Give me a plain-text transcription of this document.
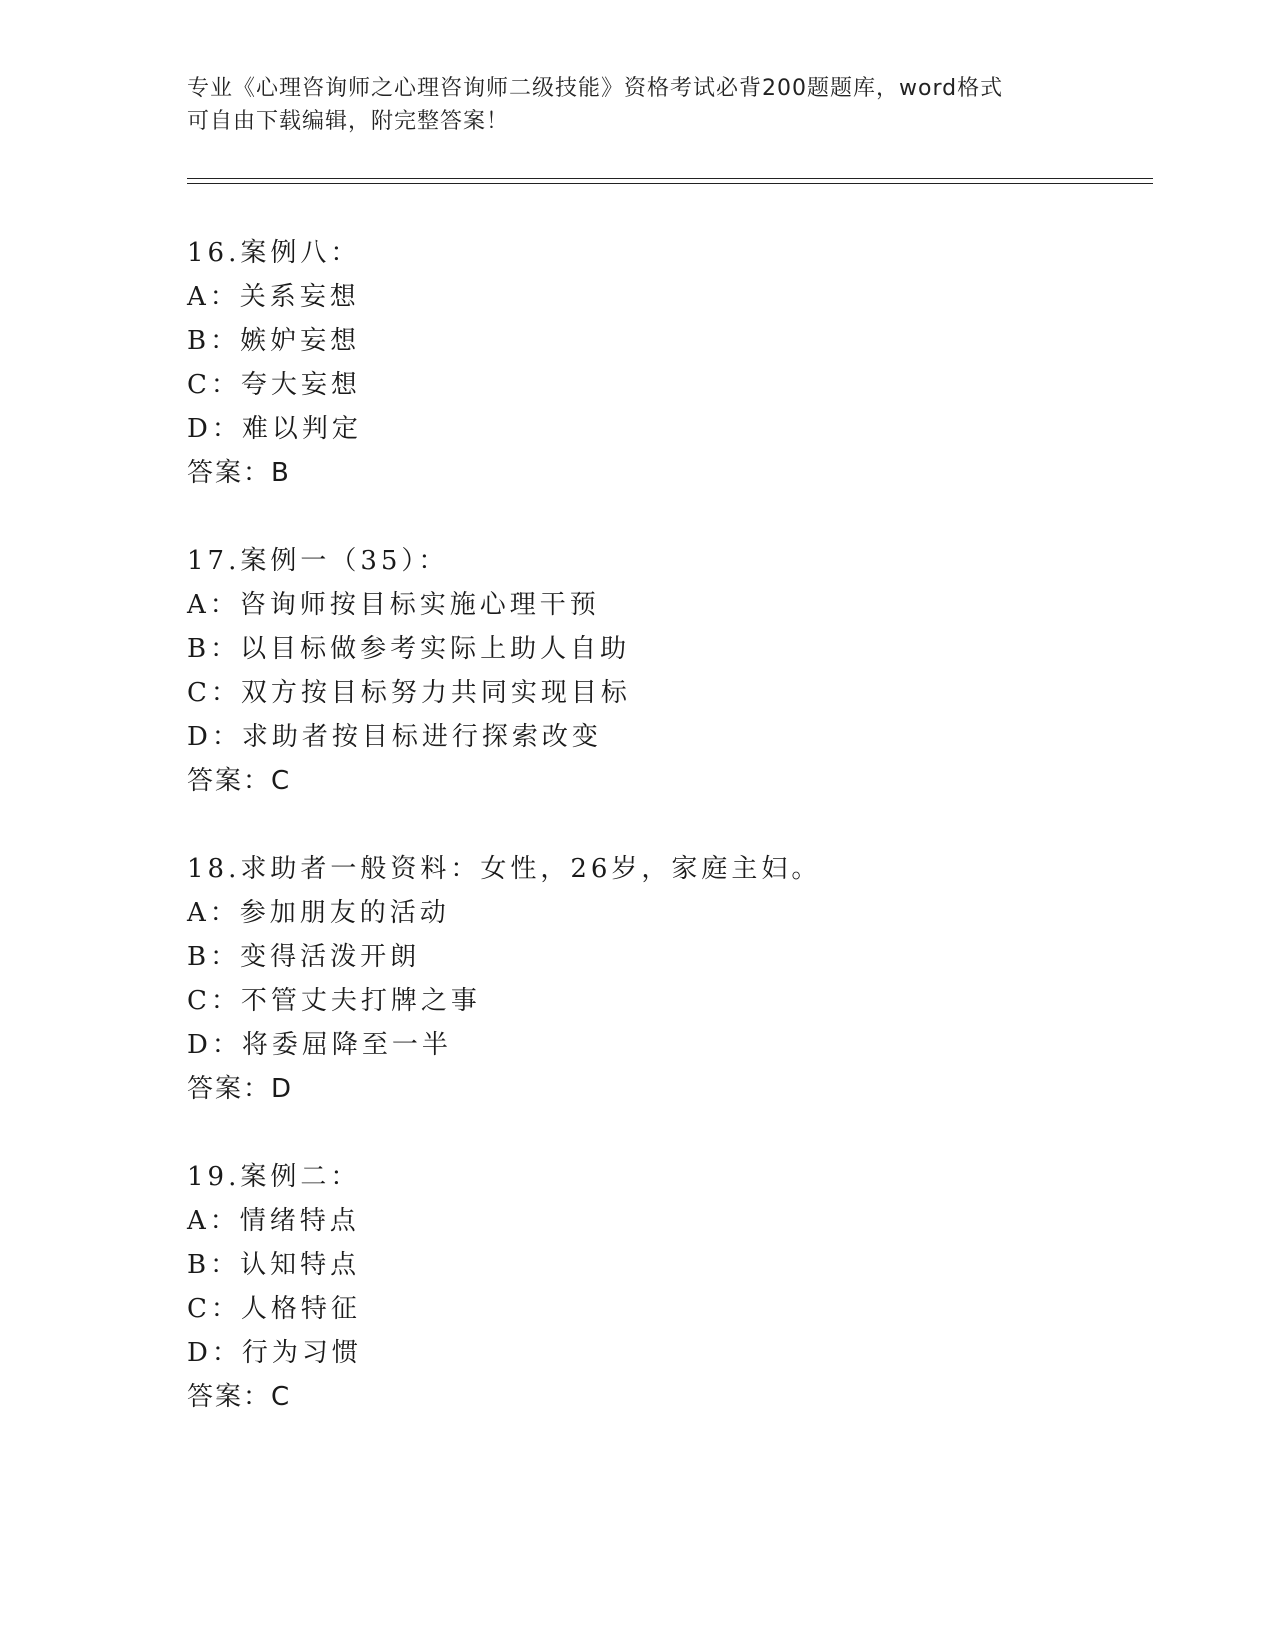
专业《心理咨询师之心理咨询师二级技能》资格考试必背200题题库，word格式
可自由下载编辑，附完整答案！
16.案例八：
A：关系妄想
B：嫉妒妄想
C：夸大妄想
D：难以判定
答案：B
17.案例一（35）：
A：咨询师按目标实施心理干预
B：以目标做参考实际上助人自助
C：双方按目标努力共同实现目标
D：求助者按目标进行探索改变
答案：C
18.求助者一般资料：女性，26岁，家庭主妇。
A：参加朋友的活动
B：变得活泼开朗
C：不管丈夫打牌之事
D：将委屈降至一半
答案：D
19.案例二：
A：情绪特点
B：认知特点
C：人格特征
D：行为习惯
答案：C
